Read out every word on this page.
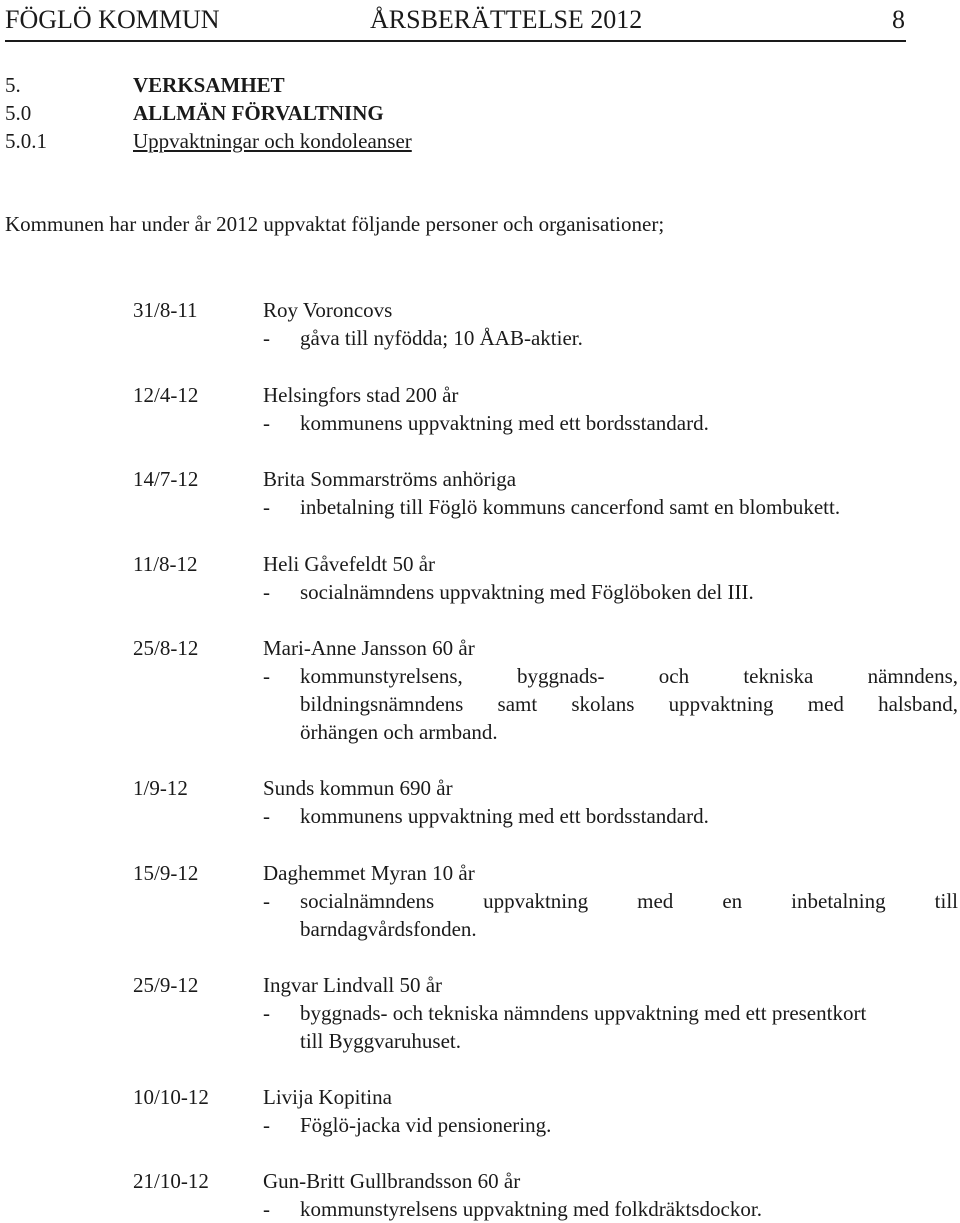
FÖGLÖ KOMMUN	ÅRSBERÄTTELSE 2012	8
5.	VERKSAMHET
5.0	ALLMÄN FÖRVALTNING
5.0.1	Uppvaktningar och kondoleanser
Kommunen har under år 2012 uppvaktat följande personer och organisationer;
31/8-11	Roy Voroncovs
- gåva till nyfödda; 10 ÅAB-aktier.
12/4-12	Helsingfors stad 200 år
- kommunens uppvaktning med ett bordsstandard.
14/7-12	Brita Sommarströms anhöriga
- inbetalning till Föglö kommuns cancerfond samt en blombukett.
11/8-12	Heli Gåvefeldt 50 år
- socialnämndens uppvaktning med Föglöboken del III.
25/8-12	Mari-Anne Jansson 60 år
- kommunstyrelsens, byggnads- och tekniska nämndens,
bildningsnämndens samt skolans uppvaktning med halsband,
örhängen och armband.
1/9-12	Sunds kommun 690 år
- kommunens uppvaktning med ett bordsstandard.
15/9-12	Daghemmet Myran 10 år
- socialnämndens uppvaktning med en inbetalning till
barndagvårdsfonden.
25/9-12	Ingvar Lindvall 50 år
- byggnads- och tekniska nämndens uppvaktning med ett presentkort
till Byggvaruhuset.
10/10-12	Livija Kopitina
- Föglö-jacka vid pensionering.
21/10-12	Gun-Britt Gullbrandsson 60 år
- kommunstyrelsens uppvaktning med folkdräktsdockor.
